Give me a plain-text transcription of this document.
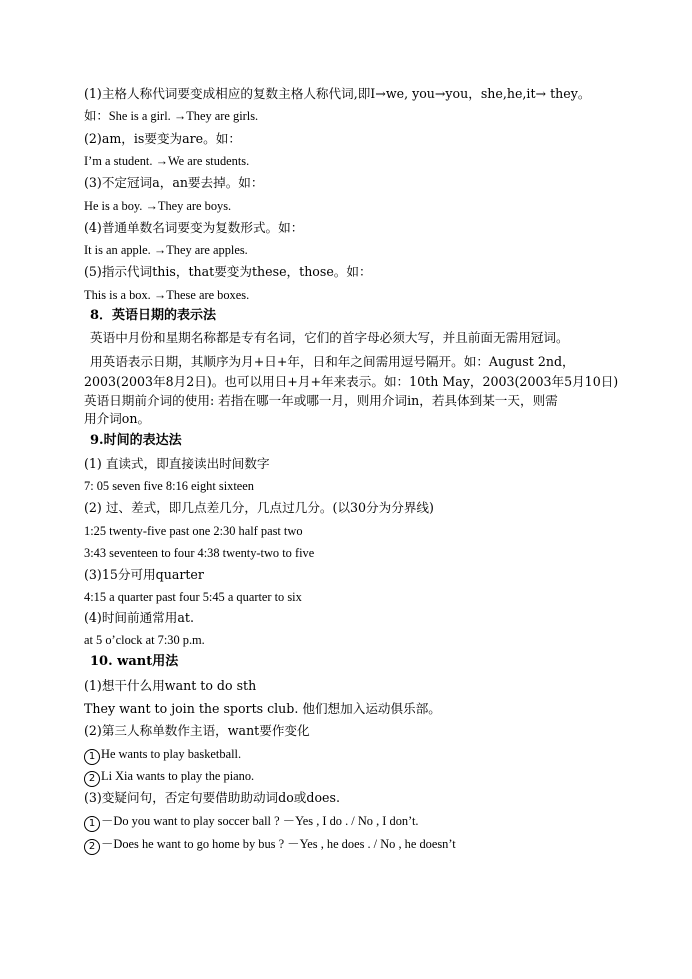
(1)主格人称代词要变成相应的复数主格人称代词,即I→we, you→you，she,he,it→ they。
如：She is a girl. →They are girls.
(2)am，is要变为are。如：
I’m a student. →We are students.
(3)不定冠词a，an要去掉。如：
He is a boy. →They are boys.
(4)普通单数名词要变为复数形式。如：
It is an apple. →They are apples.
(5)指示代词this，that要变为these，those。如：
This is a box. →These are boxes.
8．英语日期的表示法
英语中月份和星期名称都是专有名词，它们的首字母必须大写，并且前面无需用冠词。
用英语表示日期，其顺序为月+日+年，日和年之间需用逗号隔开。如：August 2nd，
2003(2003年8月2日)。也可以用日+月+年来表示。如：10th May，2003(2003年5月10日)
英语日期前介词的使用: 若指在哪一年或哪一月，则用介词in，若具体到某一天，则需
用介词on。
9.时间的表达法
(1) 直读式，即直接读出时间数字
7: 05 seven five 8:16 eight sixteen
(2) 过、差式，即几点差几分，几点过几分。(以30分为分界线)
1:25 twenty-five past one 2:30 half past two
3:43 seventeen to four 4:38 twenty-two to five
(3)15分可用quarter
4:15 a quarter past four 5:45 a quarter to six
(4)时间前通常用at.
at 5 o’clock at 7:30 p.m.
10. want用法
(1)想干什么用want to do sth
They want to join the sports club. 他们想加入运动俱乐部。
(2)第三人称单数作主语，want要作变化
1 He wants to play basketball.
2 Li Xia wants to play the piano.
(3)变疑问句，否定句要借助助动词do或does.
1 －Do you want to play soccer ball ? －Yes , I do . / No , I don’t.
2 －Does he want to go home by bus ? －Yes , he does . / No , he doesn’t
